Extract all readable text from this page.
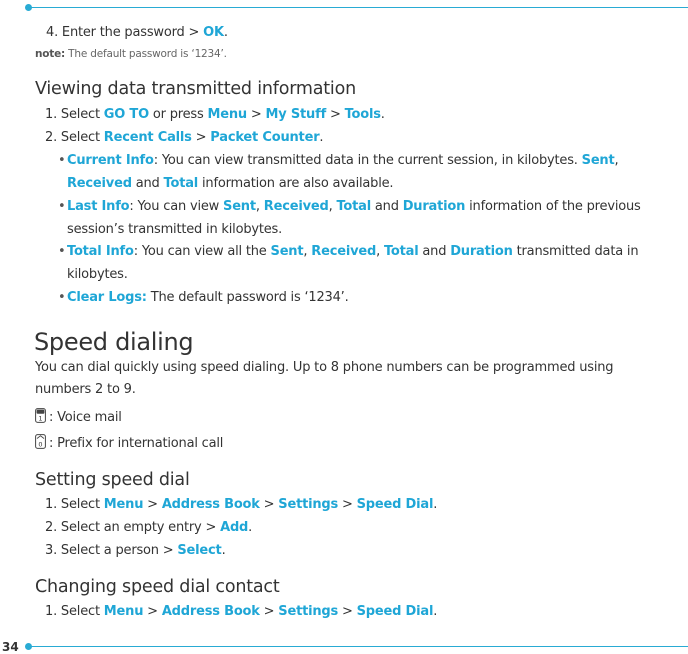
4. Enter the password > OK.
note: The default password is ‘1234’.
Viewing data transmitted information
1. Select GO TO or press Menu > My Stuff > Tools.
2. Select Recent Calls > Packet Counter.
• Current Info: You can view transmitted data in the current session, in kilobytes. Sent,
Received and Total information are also available.
• Last Info: You can view Sent, Received, Total and Duration information of the previous
session’s transmitted in kilobytes.
• Total Info: You can view all the Sent, Received, Total and Duration transmitted data in
kilobytes.
• Clear Logs: The default password is ‘1234’.
Speed dialing
You can dial quickly using speed dialing. Up to 8 phone numbers can be programmed using
numbers 2 to 9.
1 : Voice mail
0 : Prefix for international call
Setting speed dial
1. Select Menu > Address Book > Settings > Speed Dial.
2. Select an empty entry > Add.
3. Select a person > Select.
Changing speed dial contact
1. Select Menu > Address Book > Settings > Speed Dial.
34
